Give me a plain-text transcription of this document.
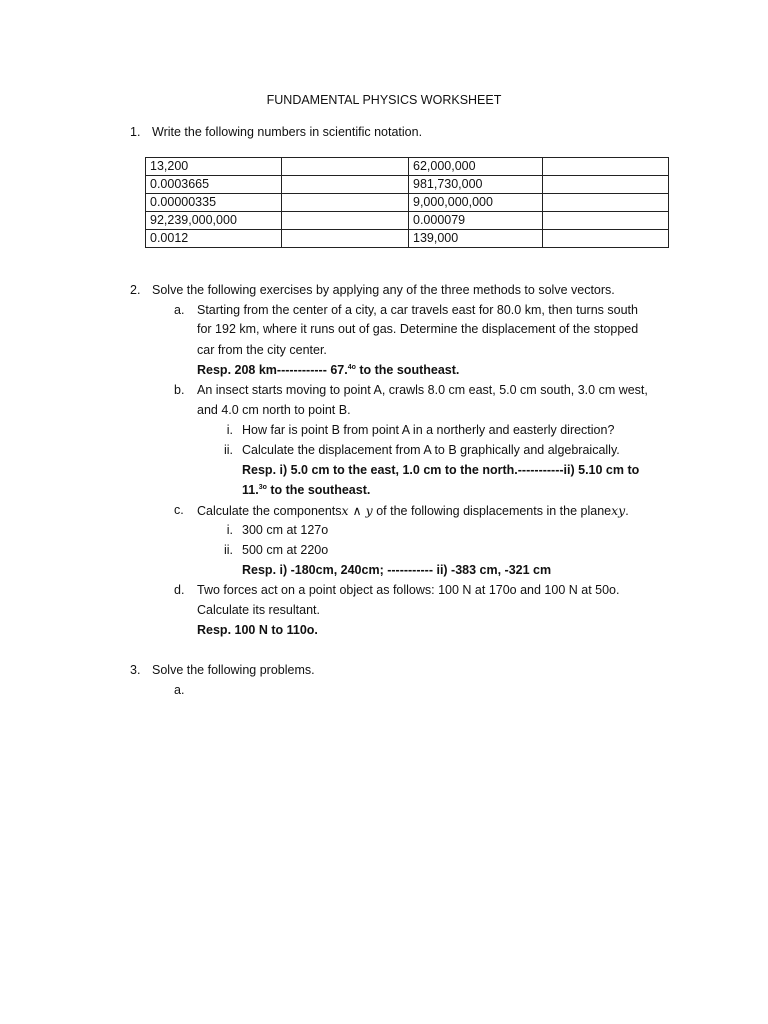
FUNDAMENTAL PHYSICS WORKSHEET
1. Write the following numbers in scientific notation.
13,200		62,000,000	
0.0003665		981,730,000	
0.00000335		9,000,000,000	
92,239,000,000		0.000079	
0.0012		139,000	
2. Solve the following exercises by applying any of the three methods to solve vectors.
a. Starting from the center of a city, a car travels east for 80.0 km, then turns south
for 192 km, where it runs out of gas. Determine the displacement of the stopped
car from the city center.
Resp. 208 km------------ 67.$^{4o}$ to the southeast.
b. An insect starts moving to point A, crawls 8.0 cm east, 5.0 cm south, 3.0 cm west,
and 4.0 cm north to point B.
i. How far is point B from point A in a northerly and easterly direction?
ii. Calculate the displacement from A to B graphically and algebraically.
Resp. i) 5.0 cm to the east, 1.0 cm to the north.-----------ii) 5.10 cm to
11.$^{3o}$ to the southeast.
c. Calculate the componentsx ∧ y of the following displacements in the planexy.
i. 300 cm at 127o
ii. 500 cm at 220o
Resp. i) -180cm, 240cm; ----------- ii) -383 cm, -321 cm
d. Two forces act on a point object as follows: 100 N at 170o and 100 N at 50o.
Calculate its resultant.
Resp. 100 N to 110o.
3. Solve the following problems.
a.
